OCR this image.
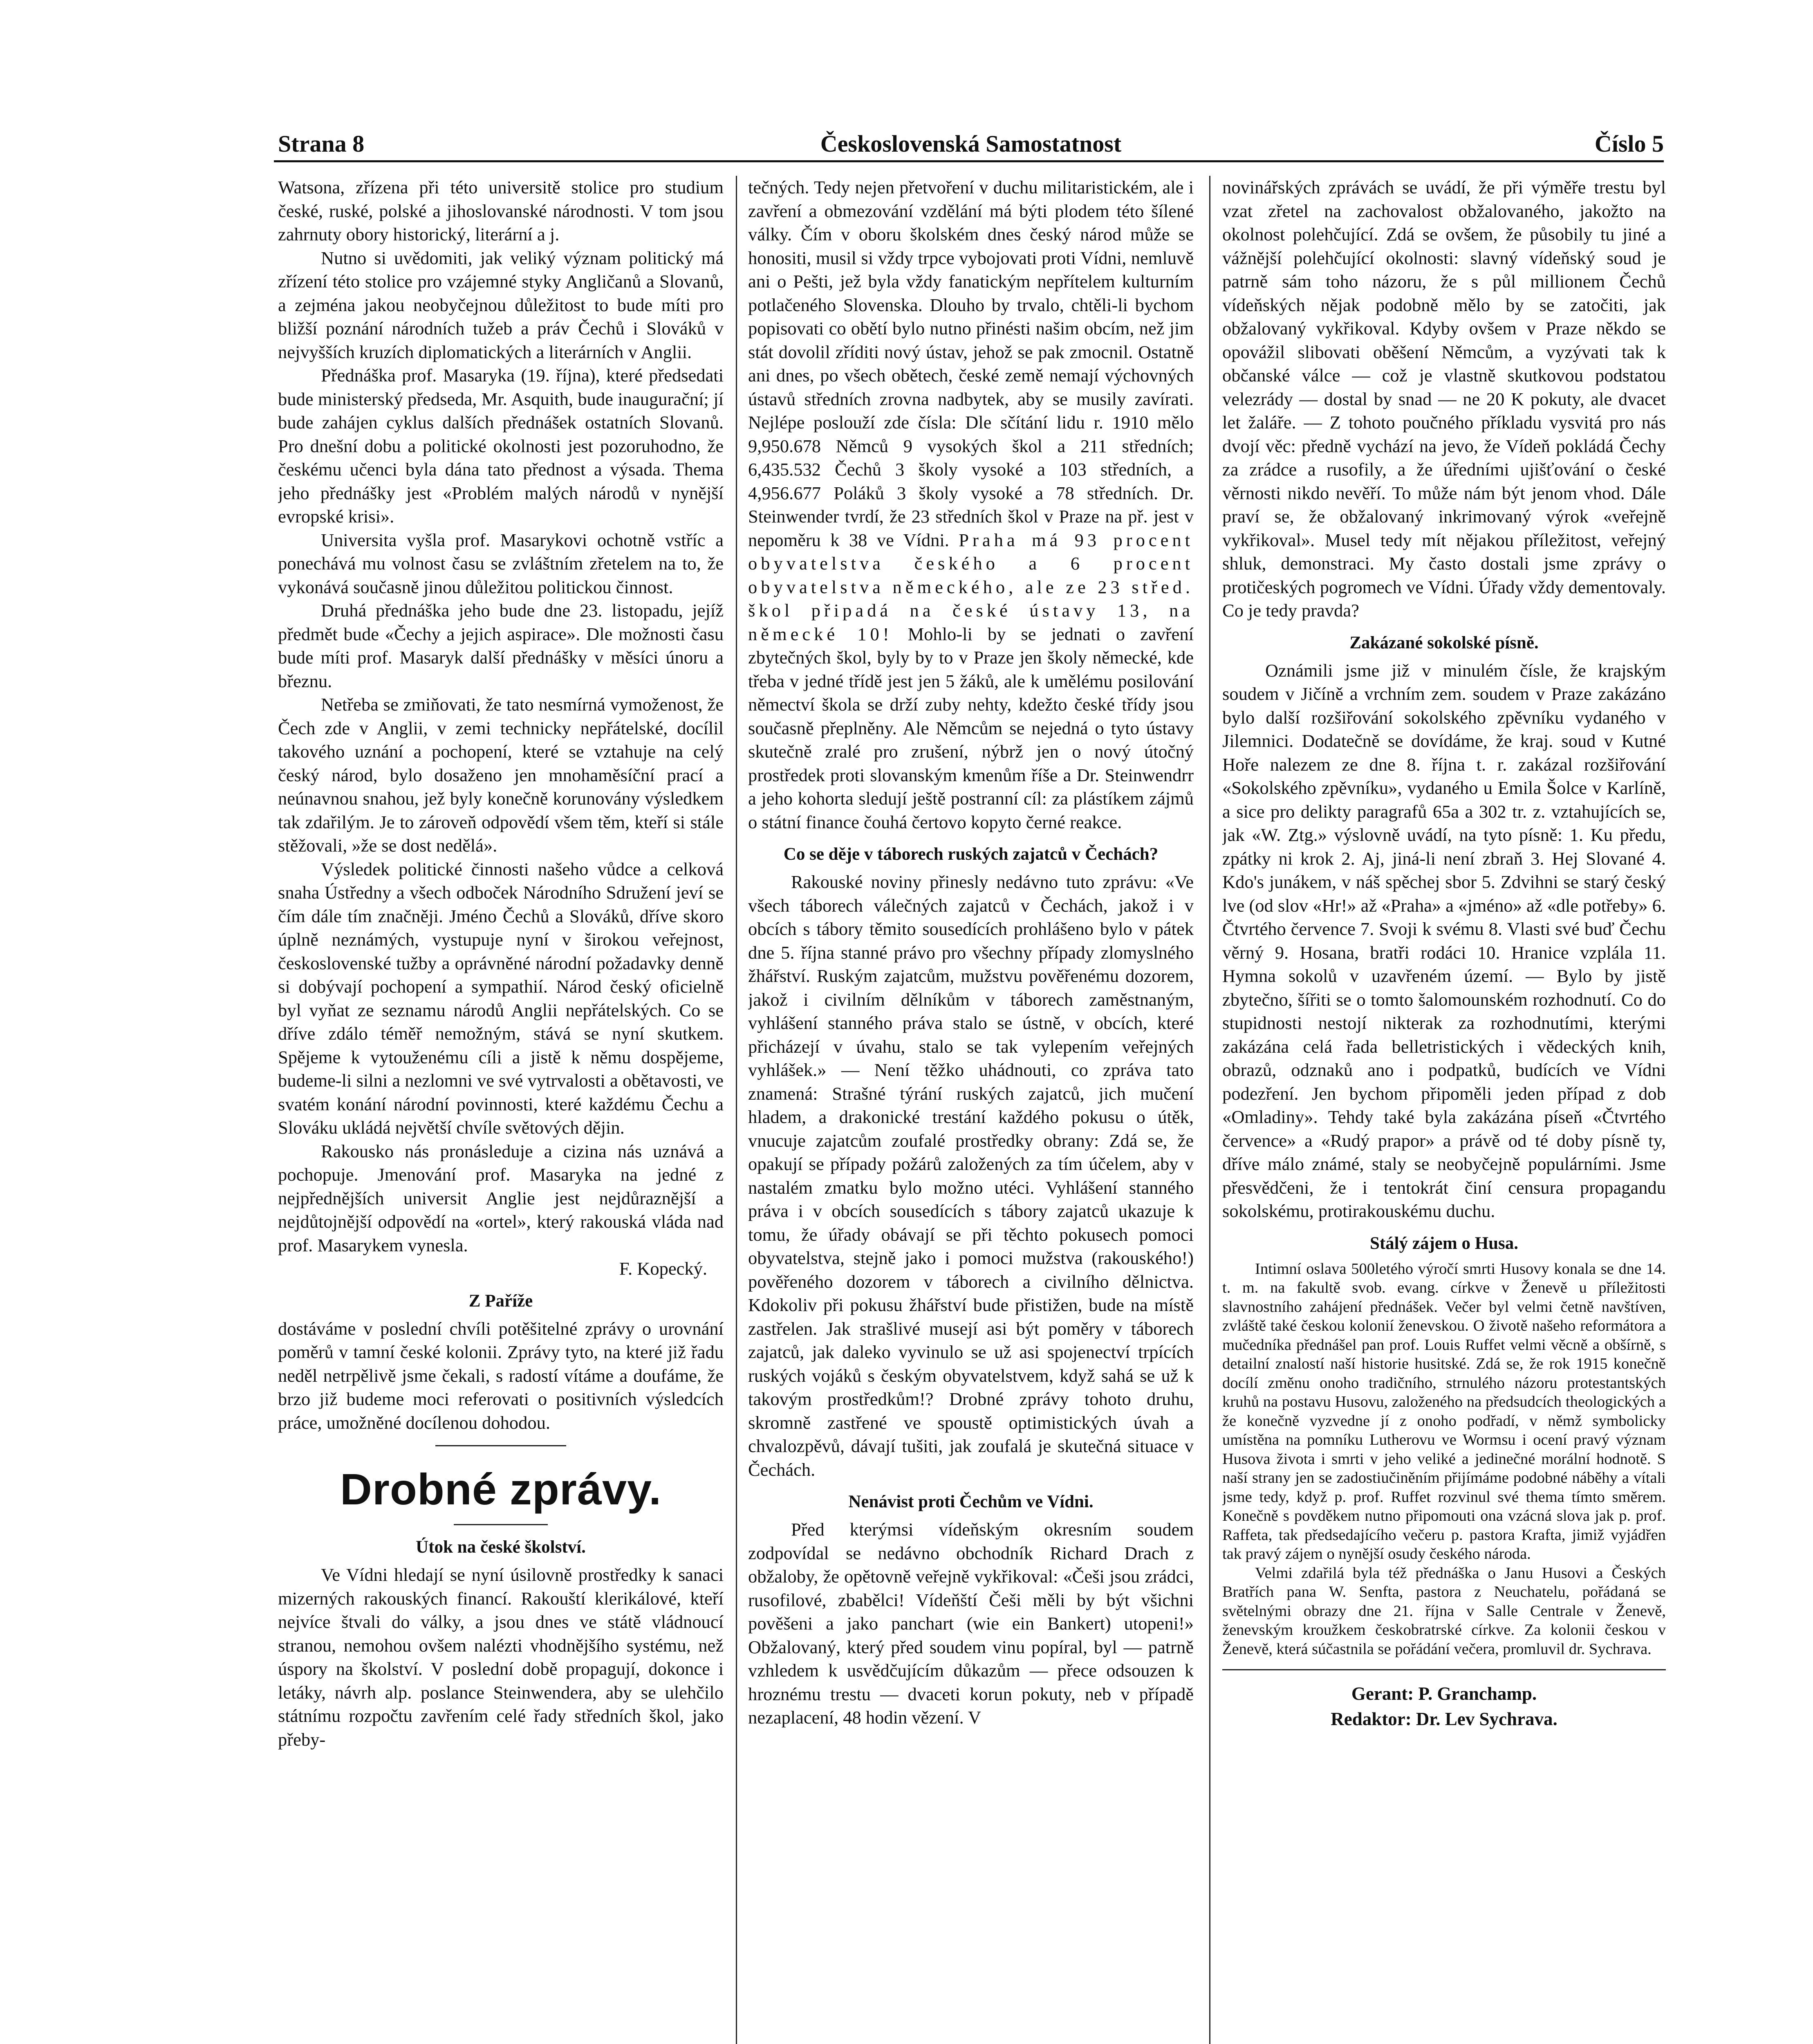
Strana 8	Československá Samostatnost	Číslo 5

Watsona, zřízena při této universitě stolice pro studium české, ruské, polské a jihoslovanské národnosti. V tom jsou zahrnuty obory historický, literární a j.

Nutno si uvědomiti, jak veliký význam politický má zřízení této stolice pro vzájemné styky Angličanů a Slovanů, a zejména jakou neobyčejnou důležitost to bude míti pro bližší poznání národních tužeb a práv Čechů i Slováků v nejvyšších kruzích diplomatických a literárních v Anglii.

Přednáška prof. Masaryka (19. října), které předsedati bude ministerský předseda, Mr. Asquith, bude inaugurační; jí bude zahájen cyklus dalších přednášek ostatních Slovanů. Pro dnešní dobu a politické okolnosti jest pozoruhodno, že českému učenci byla dána tato přednost a výsada. Thema jeho přednášky jest «Problém malých národů v nynější evropské krisi».

Universita vyšla prof. Masarykovi ochotně vstříc a ponechává mu volnost času se zvláštním zřetelem na to, že vykonává současně jinou důležitou politickou činnost.

Druhá přednáška jeho bude dne 23. listopadu, jejíž předmět bude «Čechy a jejich aspirace». Dle možnosti času bude míti prof. Masaryk další přednášky v měsíci únoru a březnu.

Netřeba se zmiňovati, že tato nesmírná vymoženost, že Čech zde v Anglii, v zemi technicky nepřátelské, docílil takového uznání a pochopení, které se vztahuje na celý český národ, bylo dosaženo jen mnohaměsíční prací a neúnavnou snahou, jež byly konečně korunovány výsledkem tak zdařilým. Je to zároveň odpovědí všem těm, kteří si stále stěžovali, »že se dost nedělá».

Výsledek politické činnosti našeho vůdce a celková snaha Ústředny a všech odboček Národního Sdružení jeví se čím dále tím značněji. Jméno Čechů a Slováků, dříve skoro úplně neznámých, vystupuje nyní v širokou veřejnost, československé tužby a oprávněné národní požadavky denně si dobývají pochopení a sympathií. Národ český oficielně byl vyňat ze seznamu národů Anglii nepřátelských. Co se dříve zdálo téměř nemožným, stává se nyní skutkem. Spějeme k vytouženému cíli a jistě k němu dospějeme, budeme-li silni a nezlomni ve své vytrvalosti a obětavosti, ve svatém konání národní povinnosti, které každému Čechu a Slováku ukládá největší chvíle světových dějin.

Rakousko nás pronásleduje a cizina nás uznává a pochopuje. Jmenování prof. Masaryka na jedné z nejpřednějších universit Anglie jest nejdůrazněјší a nejdůtojnější odpovědí na «ortel», který rakouská vláda nad prof. Masarykem vynesla.

F. Kopecký.

Z Paříže

dostáváme v poslední chvíli potěšitelné zprávy o urovnání poměrů v tamní české kolonii. Zprávy tyto, na které již řadu neděl netrpělivě jsme čekali, s radostí vítáme a doufáme, že brzo již budeme moci referovati o positivních výsledcích práce, umožněné docílenou dohodou.

Drobné zprávy.
Útok na české školství.

Ve Vídni hledají se nyní úsilovně prostředky k sanaci mizerných rakouských financí. Rakouští klerikálové, kteří nejvíce štvali do války, a jsou dnes ve státě vládnoucí stranou, nemohou ovšem nalézti vhodnějšího systému, než úspory na školství. V poslední době propagují, dokonce i letáky, návrh alp. poslance Steinwendera, aby se ulehčilo státnímu rozpočtu zavřením celé řady středních škol, jako přeby-

tečných. Tedy nejen přetvoření v duchu militaristickém, ale i zavření a obmezování vzdělání má býti plodem této šílené války. Čím v oboru školském dnes český národ může se honositi, musil si vždy trpce vybojovati proti Vídni, nemluvě ani o Pešti, jež byla vždy fanatickým nepřítelem kulturním potlačeného Slovenska. Dlouho by trvalo, chtěli-li bychom popisovati co obětí bylo nutno přinésti našim obcím, než jim stát dovolil zříditi nový ústav, jehož se pak zmocnil. Ostatně ani dnes, po všech obětech, české země nemají výchovných ústavů středních zrovna nadbytek, aby se musily zavírati. Nejlépe poslouží zde čísla: Dle sčítání lidu r. 1910 mělo 9,950.678 Němců 9 vysokých škol a 211 středních; 6,435.532 Čechů 3 školy vysoké a 103 středních, a 4,956.677 Poláků 3 školy vysoké a 78 středních. Dr. Steinwender tvrdí, že 23 středních škol v Praze na př. jest v nepoměru k 38 ve Vídni. Praha má 93 procent obyvatelstva českého a 6 procent obyvatelstva německého, ale ze 23 střed. škol připadá na české ústavy 13, na německé 10! Mohlo-li by se jednati o zavření zbytečných škol, byly by to v Praze jen školy německé, kde třeba v jedné třídě jest jen 5 žáků, ale k umělému posilování němectví škola se drží zuby nehty, kdežto české třídy jsou současně přeplněny. Ale Němcům se nejedná o tyto ústavy skutečně zralé pro zrušení, nýbrž jen o nový útočný prostředek proti slovanským kmenům říše a Dr. Steinwendrr a jeho kohorta sledují ještě postranní cíl: za plástíkem zájmů o státní finance čouhá čertovo kopyto černé reakce.

Co se děje v táborech ruských zajatců v Čechách?

Rakouské noviny přinesly nedávno tuto zprávu: «Ve všech táborech válečných zajatců v Čechách, jakož i v obcích s tábory těmito sousedících prohlášeno bylo v pátek dne 5. října stanné právo pro všechny případy zlomyslného žhářství. Ruským zajatcům, mužstvu pověřenému dozorem, jakož i civilním dělníkům v táborech zaměstnaným, vyhlášení stanného práva stalo se ústně, v obcích, které přicházejí v úvahu, stalo se tak vylepením veřejných vyhlášek.» — Není těžko uhádnouti, co zpráva tato znamená: Strašné týrání ruských zajatců, jich mučení hladem, a drakonické trestání každého pokusu o útěk, vnucuje zajatcům zoufalé prostředky obrany: Zdá se, že opakují se případy požárů založených za tím účelem, aby v nastalém zmatku bylo možno utéci. Vyhlášení stanného práva i v obcích sousedících s tábory zajatců ukazuje k tomu, že úřady obávají se při těchto pokusech pomoci obyvatelstva, stejně jako i pomoci mužstva (rakouského!) pověřeného dozorem v táborech a civilního dělnictva. Kdokoliv při pokusu žhářství bude přistižen, bude na místě zastřelen. Jak strašlivé musejí asi být poměry v táborech zajatců, jak daleko vyvinulo se už asi spojenectví trpících ruských vojáků s českým obyvatelstvem, když sahá se už k takovým prostředkům!? Drobné zprávy tohoto druhu, skromně zastřené ve spoustě optimistických úvah a chvalozpěvů, dávají tušiti, jak zoufalá je skutečná situace v Čechách.

Nenávist proti Čechům ve Vídni.

Před kterýmsi vídeňským okresním soudem zodpovídal se nedávno obchodník Richard Drach z obžaloby, že opětovně veřejně vykřikoval: «Češi jsou zrádci, rusofilové, zbabělci! Vídeňští Češi měli by být všichni pověšeni a jako panchart (wie ein Bankert) utopeni!» Obžalovaný, který před soudem vinu popíral, byl — patrně vzhledem k usvědčujícím důkazům — přece odsouzen k hroznému trestu — dvaceti korun pokuty, neb v případě nezaplacení, 48 hodin vězení. V

novinářských zprávách se uvádí, že při výměře trestu byl vzat zřetel na zachovalost obžalovaného, jakožto na okolnost polehčující. Zdá se ovšem, že působily tu jiné a vážnější polehčující okolnosti: slavný vídeňský soud je patrně sám toho názoru, že s půl millionem Čechů vídeňských nějak podobně mělo by se zatočiti, jak obžalovaný vykřikoval. Kdyby ovšem v Praze někdo se opovážil slibovati oběšení Němcům, a vyzývati tak k občanské válce — což je vlastně skutkovou podstatou velezrády — dostal by snad — ne 20 K pokuty, ale dvacet let žaláře. — Z tohoto poučného příkladu vysvitá pro nás dvojí věc: předně vychází na jevo, že Vídeň pokládá Čechy za zrádce a rusofily, a že úředními ujišťování o české věrnosti nikdo nevěří. To může nám být jenom vhod. Dále praví se, že obžalovaný inkrimovaný výrok «veřejně vykřikoval». Musel tedy mít nějakou příležitost, veřejný shluk, demonstraci. My často dostali jsme zprávy o protičeských pogromech ve Vídni. Úřady vždy dementovaly. Co je tedy pravda?

Zakázané sokolské písně.

Oznámili jsme již v minulém čísle, že krajským soudem v Jičíně a vrchním zem. soudem v Praze zakázáno bylo další rozšiřování sokolského zpěvníku vydaného v Jilemnici. Dodatečně se dovídáme, že kraj. soud v Kutné Hoře nalezem ze dne 8. října t. r. zakázal rozšiřování «Sokolského zpěvníku», vydaného u Emila Šolce v Karlíně, a sice pro delikty paragrafů 65a a 302 tr. z. vztahujících se, jak «W. Ztg.» výslovně uvádí, na tyto písně: 1. Ku předu, zpátky ni krok 2. Aj, jiná-li není zbraň 3. Hej Slované 4. Kdo's junákem, v náš spěchej sbor 5. Zdvihni se starý český lve (od slov «Hr!» až «Praha» a «jméno» až «dle potřeby» 6. Čtvrtého července 7. Svoji k svému 8. Vlasti své buď Čechu věrný 9. Hosana, bratři rodáci 10. Hranice vzplála 11. Hymna sokolů v uzavřeném území. — Bylo by jistě zbytečno, šířiti se o tomto šalomounském rozhodnutí. Co do stupidnosti nestojí nikterak za rozhodnutími, kterými zakázána celá řada belletristických i vědeckých knih, obrazů, odznaků ano i podpatků, budících ve Vídni podezření. Jen bychom připoměli jeden případ z dob «Omladiny». Tehdy také byla zakázána píseň «Čtvrtého července» a «Rudý prapor» a právě od té doby písně ty, dříve málo známé, staly se neobyčejně populárními. Jsme přesvědčeni, že i tentokrát činí censura propagandu sokolskému, protirakouskému duchu.

Stálý zájem o Husa.

Intimní oslava 500letého výročí smrti Husovy konala se dne 14. t. m. na fakultě svob. evang. církve v Ženevě u příležitosti slavnostního zahájení přednášek. Večer byl velmi četně navštíven, zvláště také českou kolonií ženevskou. O životě našeho reformátora a mučedníka přednášel pan prof. Louis Ruffet velmi věcně a obšírně, s detailní znalostí naší historie husitské. Zdá se, že rok 1915 konečně docílí změnu onoho tradičního, strnulého názoru protestantských kruhů na postavu Husovu, založeného na předsudcích theologických a že konečně vyzvedne jí z onoho podřadí, v němž symbolicky umístěna na pomníku Lutherovu ve Wormsu i ocení pravý význam Husova života i smrti v jeho veliké a jedinečné morální hodnotě. S naší strany jen se zadostiučiněním přijímáme podobné náběhy a vítali jsme tedy, když p. prof. Ruffet rozvinul své thema tímto směrem. Konečně s povděkem nutno připomouti ona vzácná slova jak p. prof. Raffeta, tak předsedajícího večeru p. pastora Krafta, jimiž vyjádřen tak pravý zájem o nynější osudy českého národa.

Velmi zdařilá byla též přednáška o Janu Husovi a Českých Bratřích pana W. Senfta, pastora z Neuchatelu, pořádaná se světelnými obrazy dne 21. října v Salle Centrale v Ženevě, ženevským kroužkem českobratrské církve. Za kolonii českou v Ženevě, která súčastnila se pořádání večera, promluvil dr. Sychrava.

Gerant: P. Granchamp.
Redaktor: Dr. Lev Sychrava.
